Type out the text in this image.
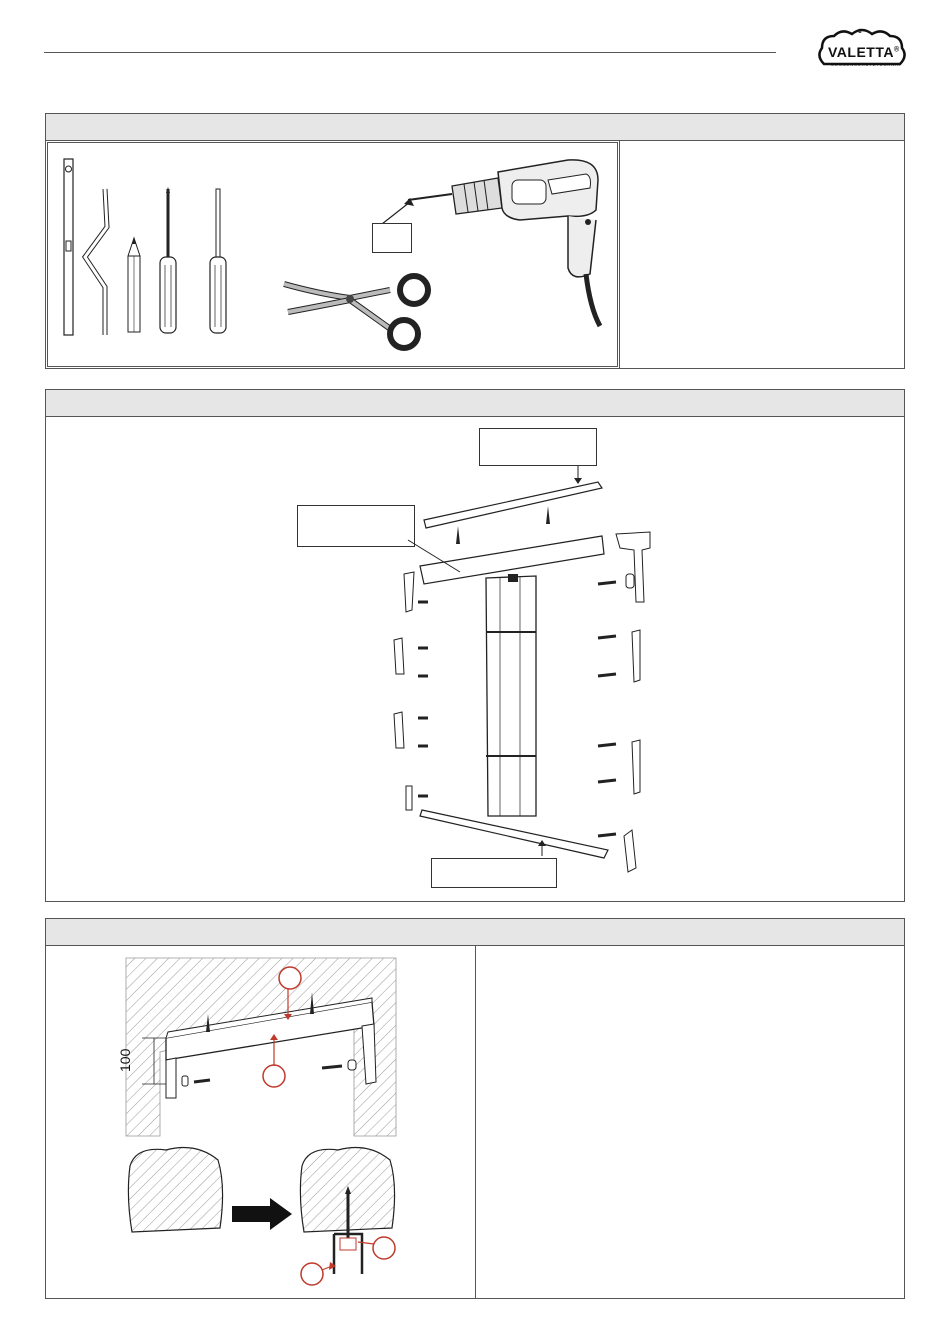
♛
VALETTA®
SONNENSCHUTZTECHNIK
100
